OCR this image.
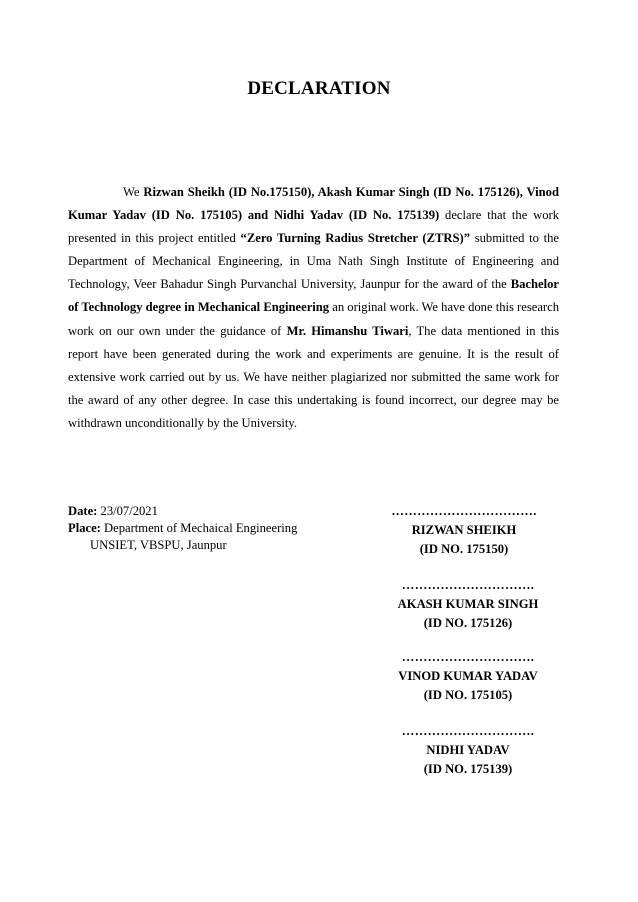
DECLARATION
We Rizwan Sheikh (ID No.175150), Akash Kumar Singh (ID No. 175126), Vinod Kumar Yadav (ID No. 175105) and Nidhi Yadav (ID No. 175139) declare that the work presented in this project entitled “Zero Turning Radius Stretcher (ZTRS)” submitted to the Department of Mechanical Engineering, in Uma Nath Singh Institute of Engineering and Technology, Veer Bahadur Singh Purvanchal University, Jaunpur for the award of the Bachelor of Technology degree in Mechanical Engineering an original work. We have done this research work on our own under the guidance of Mr. Himanshu Tiwari, The data mentioned in this report have been generated during the work and experiments are genuine. It is the result of extensive work carried out by us. We have neither plagiarized nor submitted the same work for the award of any other degree. In case this undertaking is found incorrect, our degree may be withdrawn unconditionally by the University.
Date: 23/07/2021
Place: Department of Mechaical Engineering
UNSIET, VBSPU, Jaunpur
…………………………….
RIZWAN SHEIKH
(ID NO. 175150)
………………………….
AKASH KUMAR SINGH
(ID NO. 175126)
………………………….
VINOD KUMAR YADAV
(ID NO. 175105)
………………………….
NIDHI YADAV
(ID NO. 175139)
